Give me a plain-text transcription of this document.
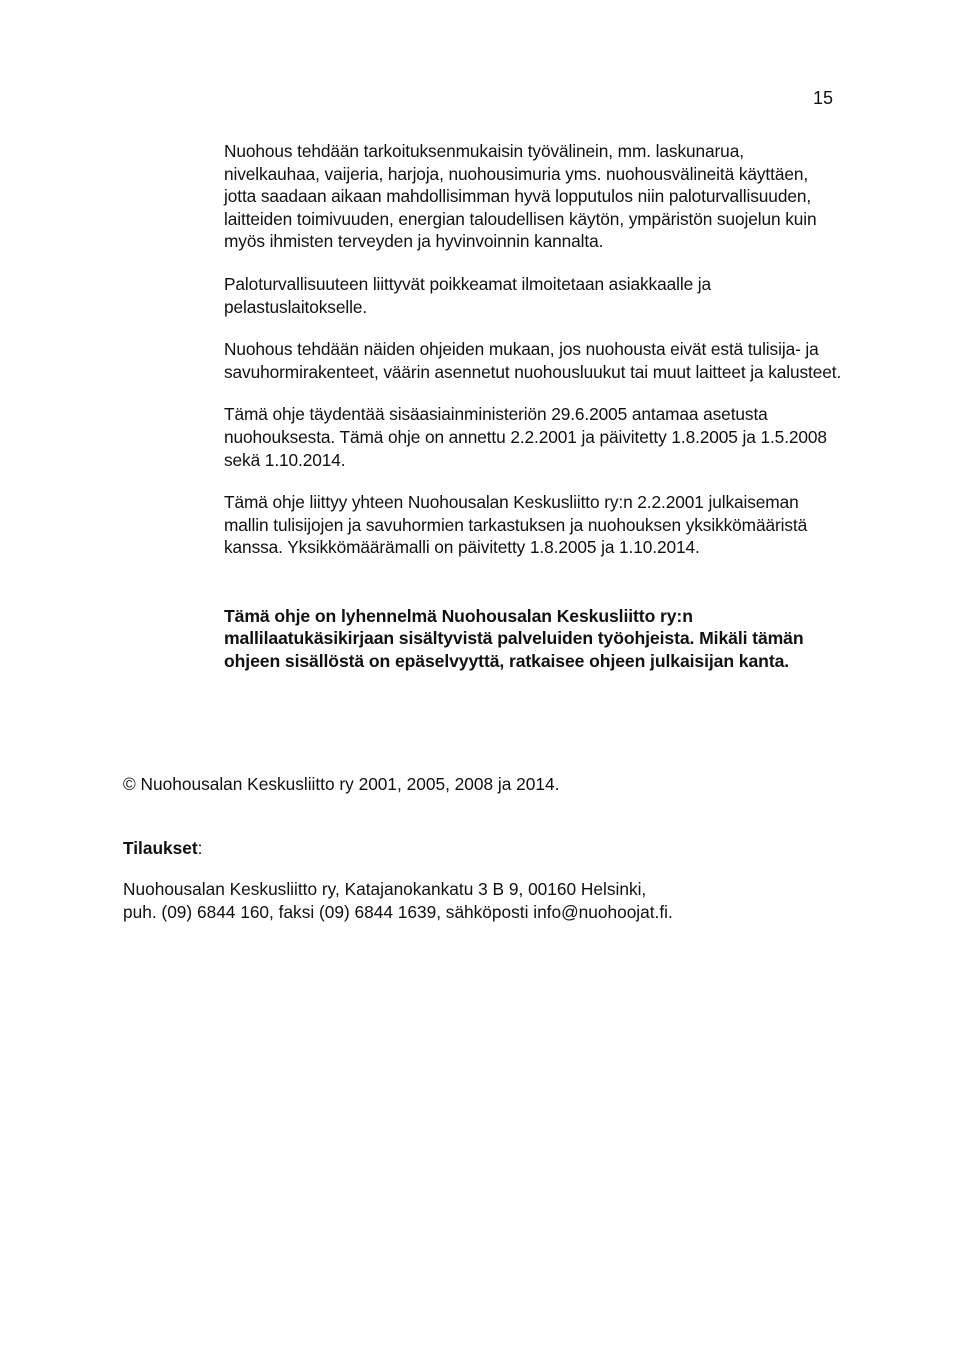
15

Nuohous tehdään tarkoituksenmukaisin työvälinein, mm. laskunarua, nivelkauhaa, vaijeria, harjoja, nuohousimuria yms. nuohousvälineitä käyttäen, jotta saadaan aikaan mahdollisimman hyvä lopputulos niin paloturvallisuuden, laitteiden toimivuuden, energian taloudellisen käytön, ympäristön suojelun kuin myös ihmisten terveyden ja hyvinvoinnin kannalta.

Paloturvallisuuteen liittyvät poikkeamat ilmoitetaan asiakkaalle ja pelastuslaitokselle.

Nuohous tehdään näiden ohjeiden mukaan, jos nuohousta eivät estä tulisija- ja savuhormirakenteet, väärin asennetut nuohousluukut tai muut laitteet ja kalusteet.

Tämä ohje täydentää sisäasiainministeriön 29.6.2005 antamaa asetusta nuohouksesta. Tämä ohje on annettu 2.2.2001 ja päivitetty 1.8.2005 ja 1.5.2008 sekä 1.10.2014.

Tämä ohje liittyy yhteen Nuohousalan Keskusliitto ry:n 2.2.2001 julkaiseman mallin tulisijojen ja savuhormien tarkastuksen ja nuohouksen yksikkömääristä kanssa. Yksikkömäärämalli on päivitetty 1.8.2005 ja 1.10.2014.

Tämä ohje on lyhennelmä Nuohousalan Keskusliitto ry:n mallilaatukäsikirjaan sisältyvistä palveluiden työohjeista. Mikäli tämän ohjeen sisällöstä on epäselvyyttä, ratkaisee ohjeen julkaisijan kanta.

© Nuohousalan Keskusliitto ry 2001, 2005, 2008 ja 2014.
Tilaukset:
Nuohousalan Keskusliitto ry, Katajanokankatu 3 B 9, 00160 Helsinki,
puh. (09) 6844 160, faksi (09) 6844 1639, sähköposti info@nuohoojat.fi.
